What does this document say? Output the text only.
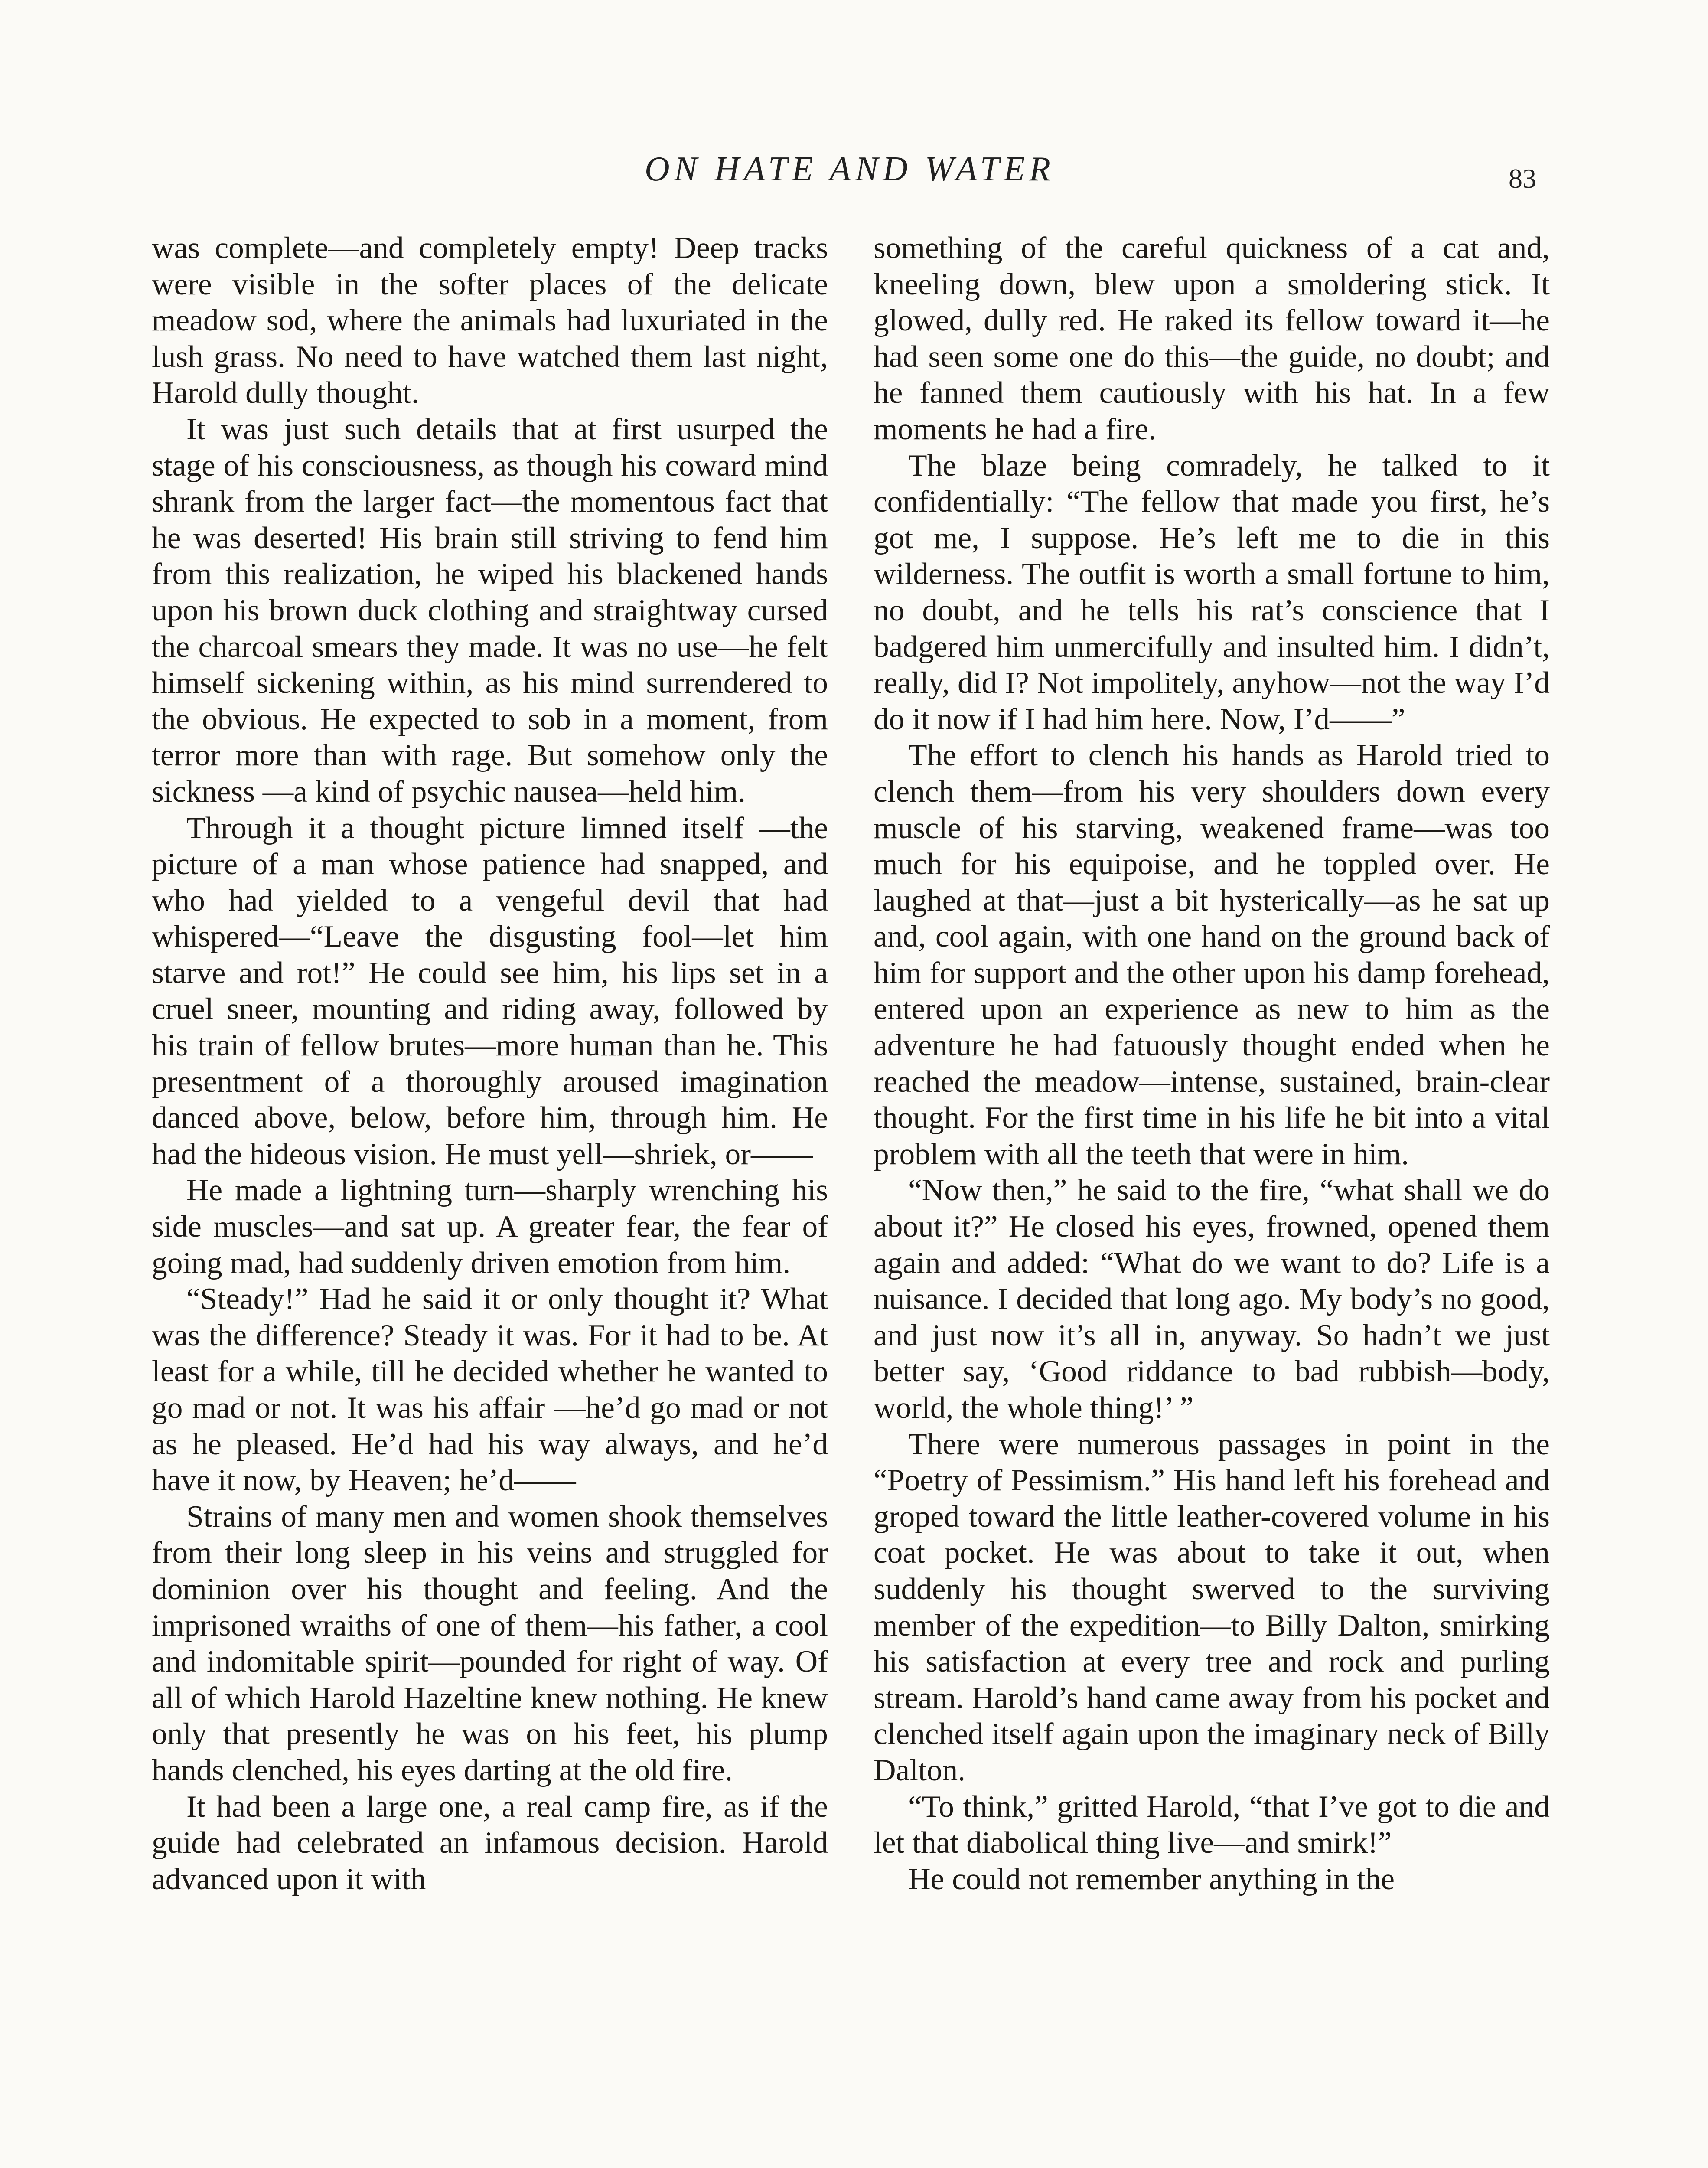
ON HATE AND WATER	83

was complete—and completely empty! Deep tracks were visible in the softer places of the delicate meadow sod, where the animals had luxuriated in the lush grass. No need to have watched them last night, Harold dully thought.

It was just such details that at first usurped the stage of his consciousness, as though his coward mind shrank from the larger fact—the momentous fact that he was deserted! His brain still striving to fend him from this realization, he wiped his blackened hands upon his brown duck clothing and straightway cursed the charcoal smears they made. It was no use—he felt himself sickening within, as his mind surrendered to the obvious. He expected to sob in a moment, from terror more than with rage. But somehow only the sickness —a kind of psychic nausea—held him.

Through it a thought picture limned itself —the picture of a man whose patience had snapped, and who had yielded to a vengeful devil that had whispered—“Leave the disgusting fool—let him starve and rot!” He could see him, his lips set in a cruel sneer, mounting and riding away, followed by his train of fellow brutes—more human than he. This presentment of a thoroughly aroused imagination danced above, below, before him, through him. He had the hideous vision. He must yell—shriek, or——

He made a lightning turn—sharply wrenching his side muscles—and sat up. A greater fear, the fear of going mad, had suddenly driven emotion from him.

“Steady!” Had he said it or only thought it? What was the difference? Steady it was. For it had to be. At least for a while, till he decided whether he wanted to go mad or not. It was his affair —he’d go mad or not as he pleased. He’d had his way always, and he’d have it now, by Heaven; he’d——

Strains of many men and women shook themselves from their long sleep in his veins and struggled for dominion over his thought and feeling. And the imprisoned wraiths of one of them—his father, a cool and indomitable spirit—pounded for right of way. Of all of which Harold Hazeltine knew nothing. He knew only that presently he was on his feet, his plump hands clenched, his eyes darting at the old fire.

It had been a large one, a real camp fire, as if the guide had celebrated an infamous decision. Harold advanced upon it with

something of the careful quickness of a cat and, kneeling down, blew upon a smoldering stick. It glowed, dully red. He raked its fellow toward it—he had seen some one do this—the guide, no doubt; and he fanned them cautiously with his hat. In a few moments he had a fire.

The blaze being comradely, he talked to it confidentially: “The fellow that made you first, he’s got me, I suppose. He’s left me to die in this wilderness. The outfit is worth a small fortune to him, no doubt, and he tells his rat’s conscience that I badgered him unmercifully and insulted him. I didn’t, really, did I? Not impolitely, anyhow—not the way I’d do it now if I had him here. Now, I’d——”

The effort to clench his hands as Harold tried to clench them—from his very shoulders down every muscle of his starving, weakened frame—was too much for his equipoise, and he toppled over. He laughed at that—just a bit hysterically—as he sat up and, cool again, with one hand on the ground back of him for support and the other upon his damp forehead, entered upon an experience as new to him as the adventure he had fatuously thought ended when he reached the meadow—intense, sustained, brain-clear thought. For the first time in his life he bit into a vital problem with all the teeth that were in him.

“Now then,” he said to the fire, “what shall we do about it?” He closed his eyes, frowned, opened them again and added: “What do we want to do? Life is a nuisance. I decided that long ago. My body’s no good, and just now it’s all in, anyway. So hadn’t we just better say, ‘Good riddance to bad rubbish—body, world, the whole thing!’ ”

There were numerous passages in point in the “Poetry of Pessimism.” His hand left his forehead and groped toward the little leather-covered volume in his coat pocket. He was about to take it out, when suddenly his thought swerved to the surviving member of the expedition—to Billy Dalton, smirking his satisfaction at every tree and rock and purling stream. Harold’s hand came away from his pocket and clenched itself again upon the imaginary neck of Billy Dalton.

“To think,” gritted Harold, “that I’ve got to die and let that diabolical thing live—and smirk!”

He could not remember anything in the
